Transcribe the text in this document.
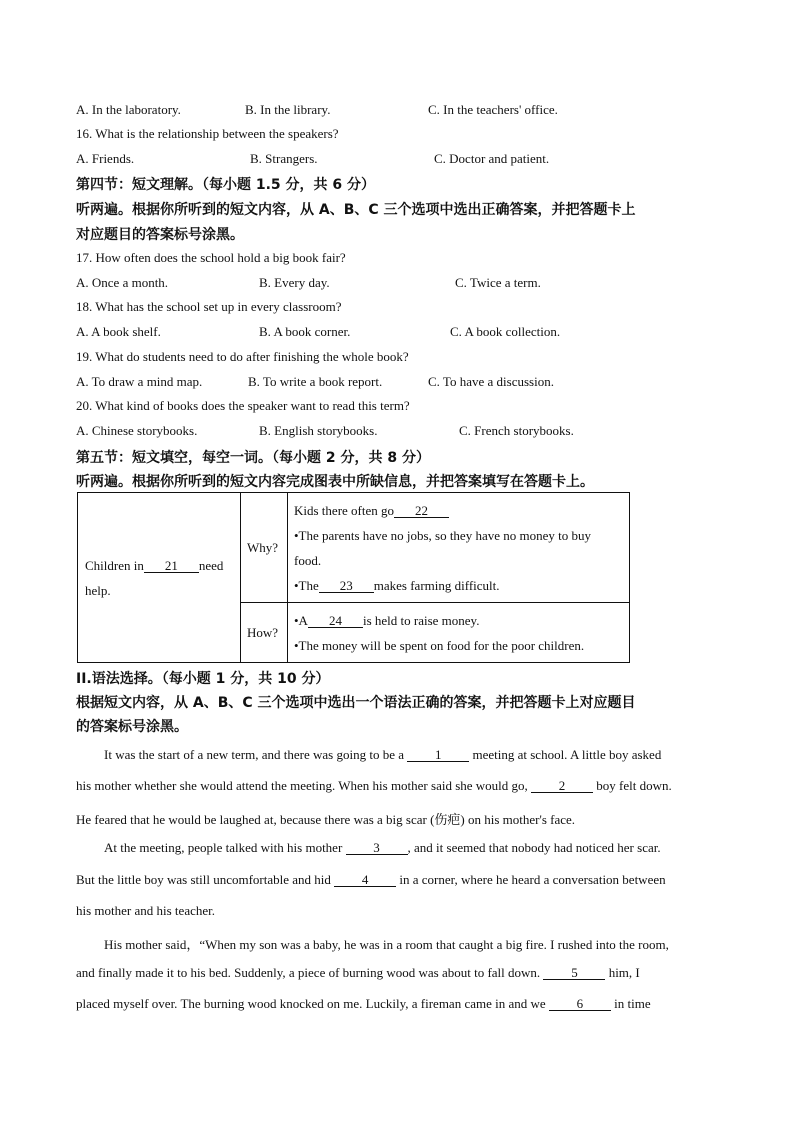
A. In the laboratory.	B. In the library.	C. In the teachers' office.
16. What is the relationship between the speakers?
A. Friends.	B. Strangers.	C. Doctor and patient.
第四节：短文理解。（每小题 1.5 分，共 6 分）
听两遍。根据你所听到的短文内容，从 A、B、C 三个选项中选出正确答案，并把答题卡上
对应题目的答案标号涂黑。
17. How often does the school hold a big book fair?
A. Once a month.	B. Every day.	C. Twice a term.
18. What has the school set up in every classroom?
A. A book shelf.	B. A book corner.	C. A book collection.
19. What do students need to do after finishing the whole book?
A. To draw a mind map.	B. To write a book report.	C. To have a discussion.
20. What kind of books does the speaker want to read this term?
A. Chinese storybooks.	B. English storybooks.	C. French storybooks.
第五节：短文填空，每空一词。（每小题 2 分，共 8 分）
听两遍。根据你所听到的短文内容完成图表中所缺信息，并把答案填写在答题卡上。
Children in 21 need
help.	Why?	Kids there often go 22
•The parents have no jobs, so they have no money to buy
food.
•The 23 makes farming difficult.
	How?	•A 24 is held to raise money.
•The money will be spent on food for the poor children.
II.语法选择。（每小题 1 分，共 10 分）
根据短文内容，从 A、B、C 三个选项中选出一个语法正确的答案，并把答题卡上对应题目
的答案标号涂黑。
It was the start of a new term, and there was going to be a 1 meeting at school. A little boy asked
his mother whether she would attend the meeting. When his mother said she would go, 2 boy felt down.
He feared that he would be laughed at, because there was a big scar (伤疤) on his mother's face.
At the meeting, people talked with his mother 3 , and it seemed that nobody had noticed her scar.
But the little boy was still uncomfortable and hid 4 in a corner, where he heard a conversation between
his mother and his teacher.
His mother said，“When my son was a baby, he was in a room that caught a big fire. I rushed into the room,
and finally made it to his bed. Suddenly, a piece of burning wood was about to fall down. 5 him, I
placed myself over. The burning wood knocked on me. Luckily, a fireman came in and we 6 in time
